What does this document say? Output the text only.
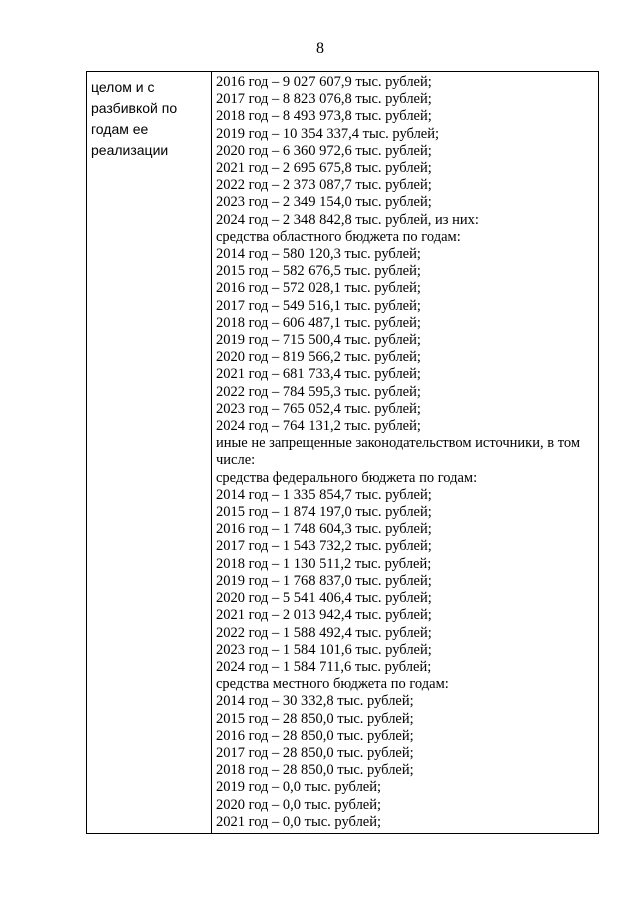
8
целом и с
разбивкой по
годам ее
реализации

2016 год – 9 027 607,9 тыс. рублей;
2017 год – 8 823 076,8 тыс. рублей;
2018 год – 8 493 973,8 тыс. рублей;
2019 год – 10 354 337,4 тыс. рублей;
2020 год – 6 360 972,6 тыс. рублей;
2021 год – 2 695 675,8 тыс. рублей;
2022 год – 2 373 087,7 тыс. рублей;
2023 год – 2 349 154,0 тыс. рублей;
2024 год – 2 348 842,8 тыс. рублей, из них:
средства областного бюджета по годам:
2014 год – 580 120,3 тыс. рублей;
2015 год – 582 676,5 тыс. рублей;
2016 год – 572 028,1 тыс. рублей;
2017 год – 549 516,1 тыс. рублей;
2018 год – 606 487,1 тыс. рублей;
2019 год – 715 500,4 тыс. рублей;
2020 год – 819 566,2 тыс. рублей;
2021 год – 681 733,4 тыс. рублей;
2022 год – 784 595,3 тыс. рублей;
2023 год – 765 052,4 тыс. рублей;
2024 год – 764 131,2 тыс. рублей;
иные не запрещенные законодательством источники, в том числе:
средства федерального бюджета по годам:
2014 год – 1 335 854,7 тыс. рублей;
2015 год – 1 874 197,0 тыс. рублей;
2016 год – 1 748 604,3 тыс. рублей;
2017 год – 1 543 732,2 тыс. рублей;
2018 год – 1 130 511,2 тыс. рублей;
2019 год – 1 768 837,0 тыс. рублей;
2020 год – 5 541 406,4 тыс. рублей;
2021 год – 2 013 942,4 тыс. рублей;
2022 год – 1 588 492,4 тыс. рублей;
2023 год – 1 584 101,6 тыс. рублей;
2024 год – 1 584 711,6 тыс. рублей;
средства местного бюджета по годам:
2014 год – 30 332,8 тыс. рублей;
2015 год – 28 850,0 тыс. рублей;
2016 год – 28 850,0 тыс. рублей;
2017 год – 28 850,0 тыс. рублей;
2018 год – 28 850,0 тыс. рублей;
2019 год – 0,0 тыс. рублей;
2020 год – 0,0 тыс. рублей;
2021 год – 0,0 тыс. рублей;
